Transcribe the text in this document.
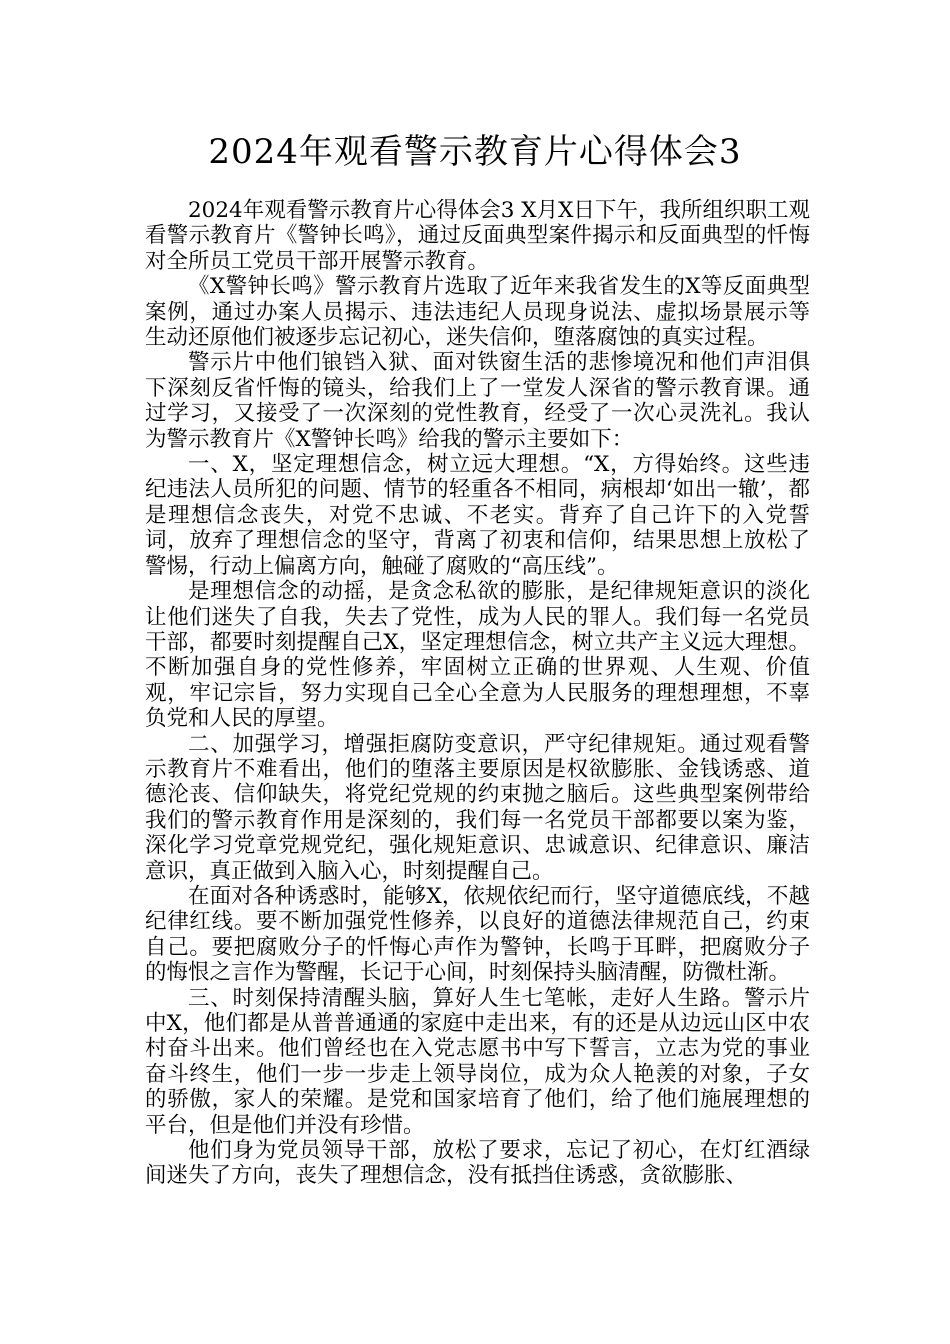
2024年观看警示教育片心得体会3

2024年观看警示教育片心得体会3 X月X日下午，我所组织职工观看警示教育片《警钟长鸣》，通过反面典型案件揭示和反面典型的忏悔对全所员工党员干部开展警示教育。

《X警钟长鸣》警示教育片选取了近年来我省发生的X等反面典型案例，通过办案人员揭示、违法违纪人员现身说法、虚拟场景展示等生动还原他们被逐步忘记初心，迷失信仰，堕落腐蚀的真实过程。

警示片中他们锒铛入狱、面对铁窗生活的悲惨境况和他们声泪俱下深刻反省忏悔的镜头，给我们上了一堂发人深省的警示教育课。通过学习，又接受了一次深刻的党性教育，经受了一次心灵洗礼。我认为警示教育片《X警钟长鸣》给我的警示主要如下：

一、X，坚定理想信念，树立远大理想。“X，方得始终。这些违纪违法人员所犯的问题、情节的轻重各不相同，病根却‘如出一辙’，都是理想信念丧失，对党不忠诚、不老实。背弃了自己许下的入党誓词，放弃了理想信念的坚守，背离了初衷和信仰，结果思想上放松了警惕，行动上偏离方向，触碰了腐败的“高压线”。

是理想信念的动摇，是贪念私欲的膨胀，是纪律规矩意识的淡化让他们迷失了自我，失去了党性，成为人民的罪人。我们每一名党员干部，都要时刻提醒自己X，坚定理想信念，树立共产主义远大理想。不断加强自身的党性修养，牢固树立正确的世界观、人生观、价值观，牢记宗旨，努力实现自己全心全意为人民服务的理想理想，不辜负党和人民的厚望。

二、加强学习，增强拒腐防变意识，严守纪律规矩。通过观看警示教育片不难看出，他们的堕落主要原因是权欲膨胀、金钱诱惑、道德沦丧、信仰缺失，将党纪党规的约束抛之脑后。这些典型案例带给我们的警示教育作用是深刻的，我们每一名党员干部都要以案为鉴，深化学习党章党规党纪，强化规矩意识、忠诚意识、纪律意识、廉洁意识，真正做到入脑入心，时刻提醒自己。

在面对各种诱惑时，能够X，依规依纪而行，坚守道德底线，不越纪律红线。要不断加强党性修养，以良好的道德法律规范自己，约束自己。要把腐败分子的忏悔心声作为警钟，长鸣于耳畔，把腐败分子的悔恨之言作为警醒，长记于心间，时刻保持头脑清醒，防微杜渐。

三、时刻保持清醒头脑，算好人生七笔帐，走好人生路。警示片中X，他们都是从普普通通的家庭中走出来，有的还是从边远山区中农村奋斗出来。他们曾经也在入党志愿书中写下誓言，立志为党的事业奋斗终生，他们一步一步走上领导岗位，成为众人艳羡的对象，子女的骄傲，家人的荣耀。是党和国家培育了他们，给了他们施展理想的平台，但是他们并没有珍惜。

他们身为党员领导干部，放松了要求，忘记了初心，在灯红酒绿间迷失了方向，丧失了理想信念，没有抵挡住诱惑，贪欲膨胀、
